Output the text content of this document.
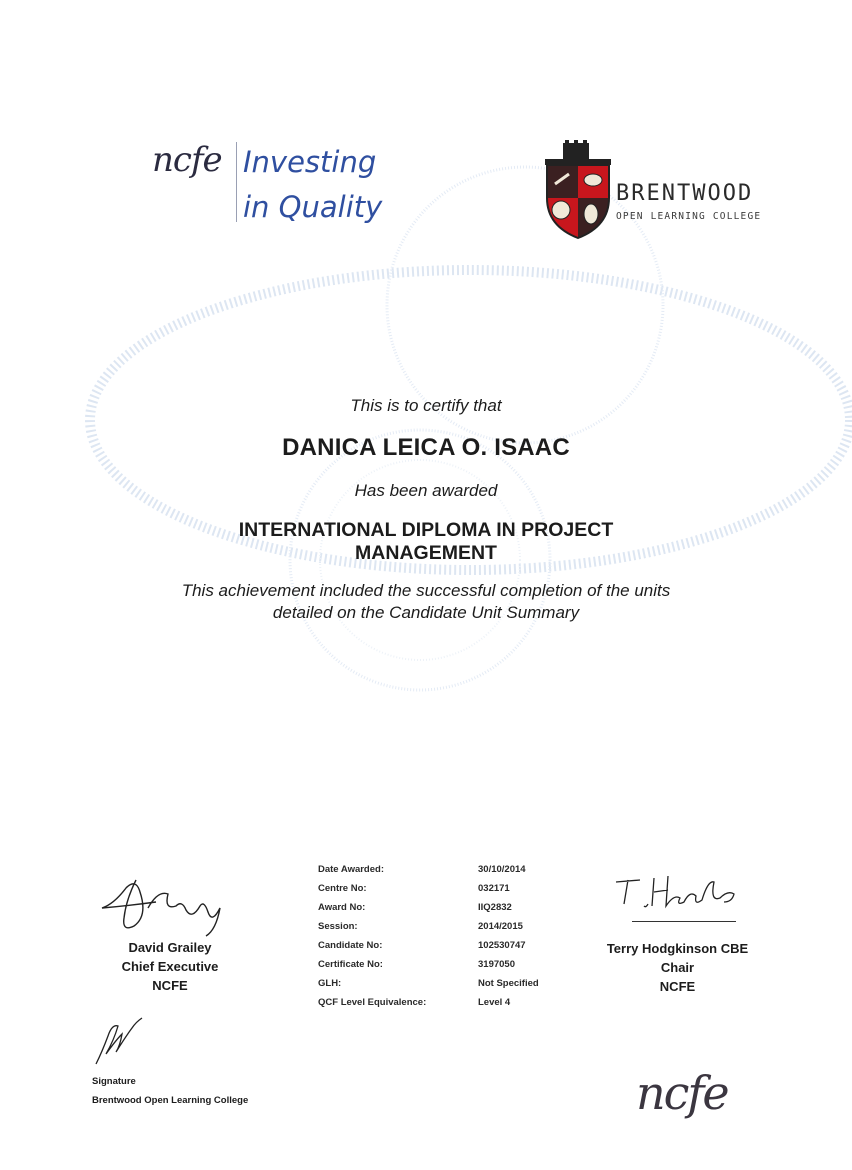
ncfe Investing
in Quality	BRENTWOOD
OPEN LEARNING COLLEGE
This is to certify that
DANICA LEICA O. ISAAC
Has been awarded
INTERNATIONAL DIPLOMA IN PROJECT
MANAGEMENT
This achievement included the successful completion of the units
detailed on the Candidate Unit Summary
David Grailey
Chief Executive
NCFE
Date Awarded:	30/10/2014
Centre No:	032171
Award No:	IIQ2832
Session:	2014/2015
Candidate No:	102530747
Certificate No:	3197050
GLH:	Not Specified
QCF Level Equivalence:	Level 4
Terry Hodgkinson CBE
Chair
NCFE
Signature
Brentwood Open Learning College	ncfe
